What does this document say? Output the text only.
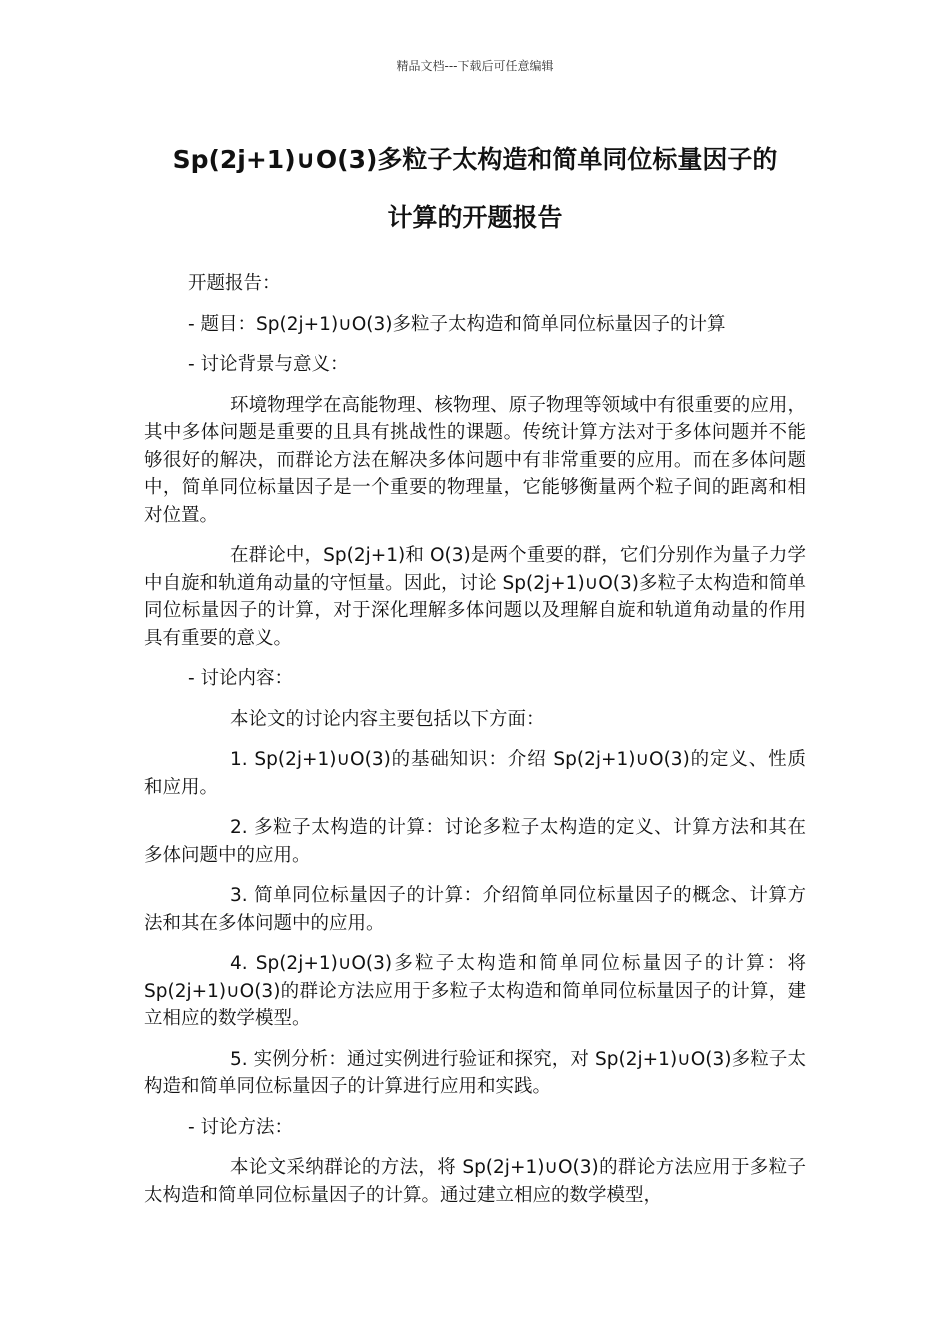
精品文档---下载后可任意编辑
Sp(2j+1)∪O(3)多粒子太构造和简单同位标量因子的
计算的开题报告

开题报告：

- 题目：Sp(2j+1)∪O(3)多粒子太构造和简单同位标量因子的计算

- 讨论背景与意义：

环境物理学在高能物理、核物理、原子物理等领域中有很重要的应用，其中多体问题是重要的且具有挑战性的课题。传统计算方法对于多体问题并不能够很好的解决，而群论方法在解决多体问题中有非常重要的应用。而在多体问题中，简单同位标量因子是一个重要的物理量，它能够衡量两个粒子间的距离和相对位置。

在群论中，Sp(2j+1)和 O(3)是两个重要的群，它们分别作为量子力学中自旋和轨道角动量的守恒量。因此，讨论 Sp(2j+1)∪O(3)多粒子太构造和简单同位标量因子的计算，对于深化理解多体问题以及理解自旋和轨道角动量的作用具有重要的意义。

- 讨论内容：

本论文的讨论内容主要包括以下方面：

1. Sp(2j+1)∪O(3)的基础知识：介绍 Sp(2j+1)∪O(3)的定义、性质和应用。

2. 多粒子太构造的计算：讨论多粒子太构造的定义、计算方法和其在多体问题中的应用。

3. 简单同位标量因子的计算：介绍简单同位标量因子的概念、计算方法和其在多体问题中的应用。

4. Sp(2j+1)∪O(3)多粒子太构造和简单同位标量因子的计算：将 Sp(2j+1)∪O(3)的群论方法应用于多粒子太构造和简单同位标量因子的计算，建立相应的数学模型。

5. 实例分析：通过实例进行验证和探究，对 Sp(2j+1)∪O(3)多粒子太构造和简单同位标量因子的计算进行应用和实践。

- 讨论方法：

本论文采纳群论的方法，将 Sp(2j+1)∪O(3)的群论方法应用于多粒子太构造和简单同位标量因子的计算。通过建立相应的数学模型，
